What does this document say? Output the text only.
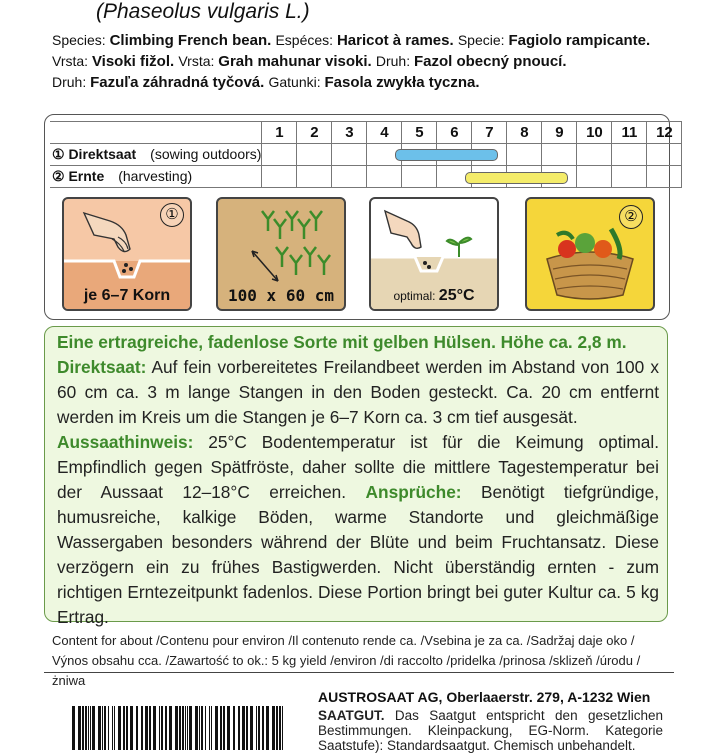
(Phaseolus vulgaris L.)
Species: Climbing French bean. Espéces: Haricot à rames. Specie: Fagiolo rampicante.
Vrsta: Visoki fižol. Vrsta: Grah mahunar visoki. Druh: Fazol obecný pnoucí.
Druh: Fazuľa záhradná tyčová. Gatunki: Fasola zwykła tyczna.
	1	2	3	4	5	6	7	8	9	10	11	12
① Direktsaat (sowing outdoors)												
② Ernte (harvesting)												
①
je 6–7 Korn	100 x 60 cm	optimal: 25°C
②
Eine ertragreiche, fadenlose Sorte mit gelben Hülsen. Höhe ca. 2,8 m.
Direktsaat: Auf fein vorbereitetes Freilandbeet werden im Abstand von 100 x 60 cm ca. 3 m lange Stangen in den Boden gesteckt. Ca. 20 cm entfernt werden im Kreis um die Stangen je 6–7 Korn ca. 3 cm tief ausgesät.
Aussaathinweis: 25°C Bodentemperatur ist für die Keimung optimal. Empfindlich gegen Spätfröste, daher sollte die mittlere Tagestemperatur bei der Aussaat 12–18°C erreichen. Ansprüche: Benötigt tiefgründige, humusreiche, kalkige Böden, warme Standorte und gleichmäßige Wassergaben besonders während der Blüte und beim Fruchtansatz. Diese verzögern ein zu frühes Bastigwerden. Nicht überständig ernten - zum richtigen Erntezeitpunkt fadenlos. Diese Portion bringt bei guter Kultur ca. 5 kg Ertrag.
Content for about /Contenu pour environ /Il contenuto rende ca. /Vsebina je za ca. /Sadržaj daje oko /
Výnos obsahu cca. /Zawartość to ok.: 5 kg yield /environ /di raccolto /pridelka /prinosa /sklizeň /úrodu /żniwa
AUSTROSAAT AG, Oberlaaerstr. 279, A-1232 Wien
SAATGUT. Das Saatgut entspricht den gesetzlichen Bestimmungen. Kleinpackung, EG-Norm. Kategorie Saatstufe): Standardsaatgut. Chemisch unbehandelt.
